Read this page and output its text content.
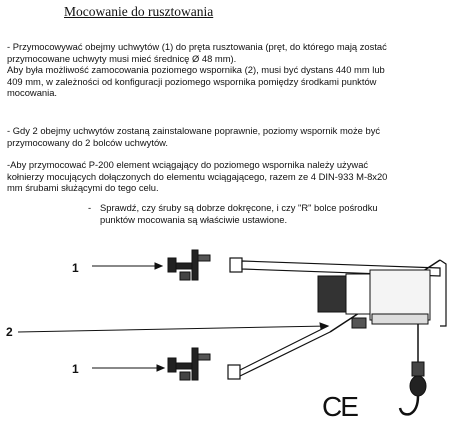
Mocowanie do rusztowania

- Przymocowywać obejmy uchwytów (1) do pręta rusztowania (pręt, do którego mają zostać
przymocowane uchwyty musi mieć średnicę Ø 48 mm).
Aby była możliwość zamocowania poziomego wspornika (2), musi być dystans 440 mm lub
409 mm, w zależności od konfiguracji poziomego wspornika pomiędzy środkami punktów
mocowania.

- Gdy 2 obejmy uchwytów zostaną zainstalowane poprawnie, poziomy wspornik może być
przymocowany do 2 bolców uchwytów.

-Aby przymocować P-200 element wciągający do poziomego wspornika należy używać
kołnierzy mocujących dołączonych do elementu wciągającego, razem ze 4 DIN-933 M-8x20
mm śrubami służącymi do tego celu.

- Sprawdź, czy śruby są dobrze dokręcone, i czy "R" bolce pośrodku
punktów mocowania są właściwie ustawione.

1
2
1
CE
